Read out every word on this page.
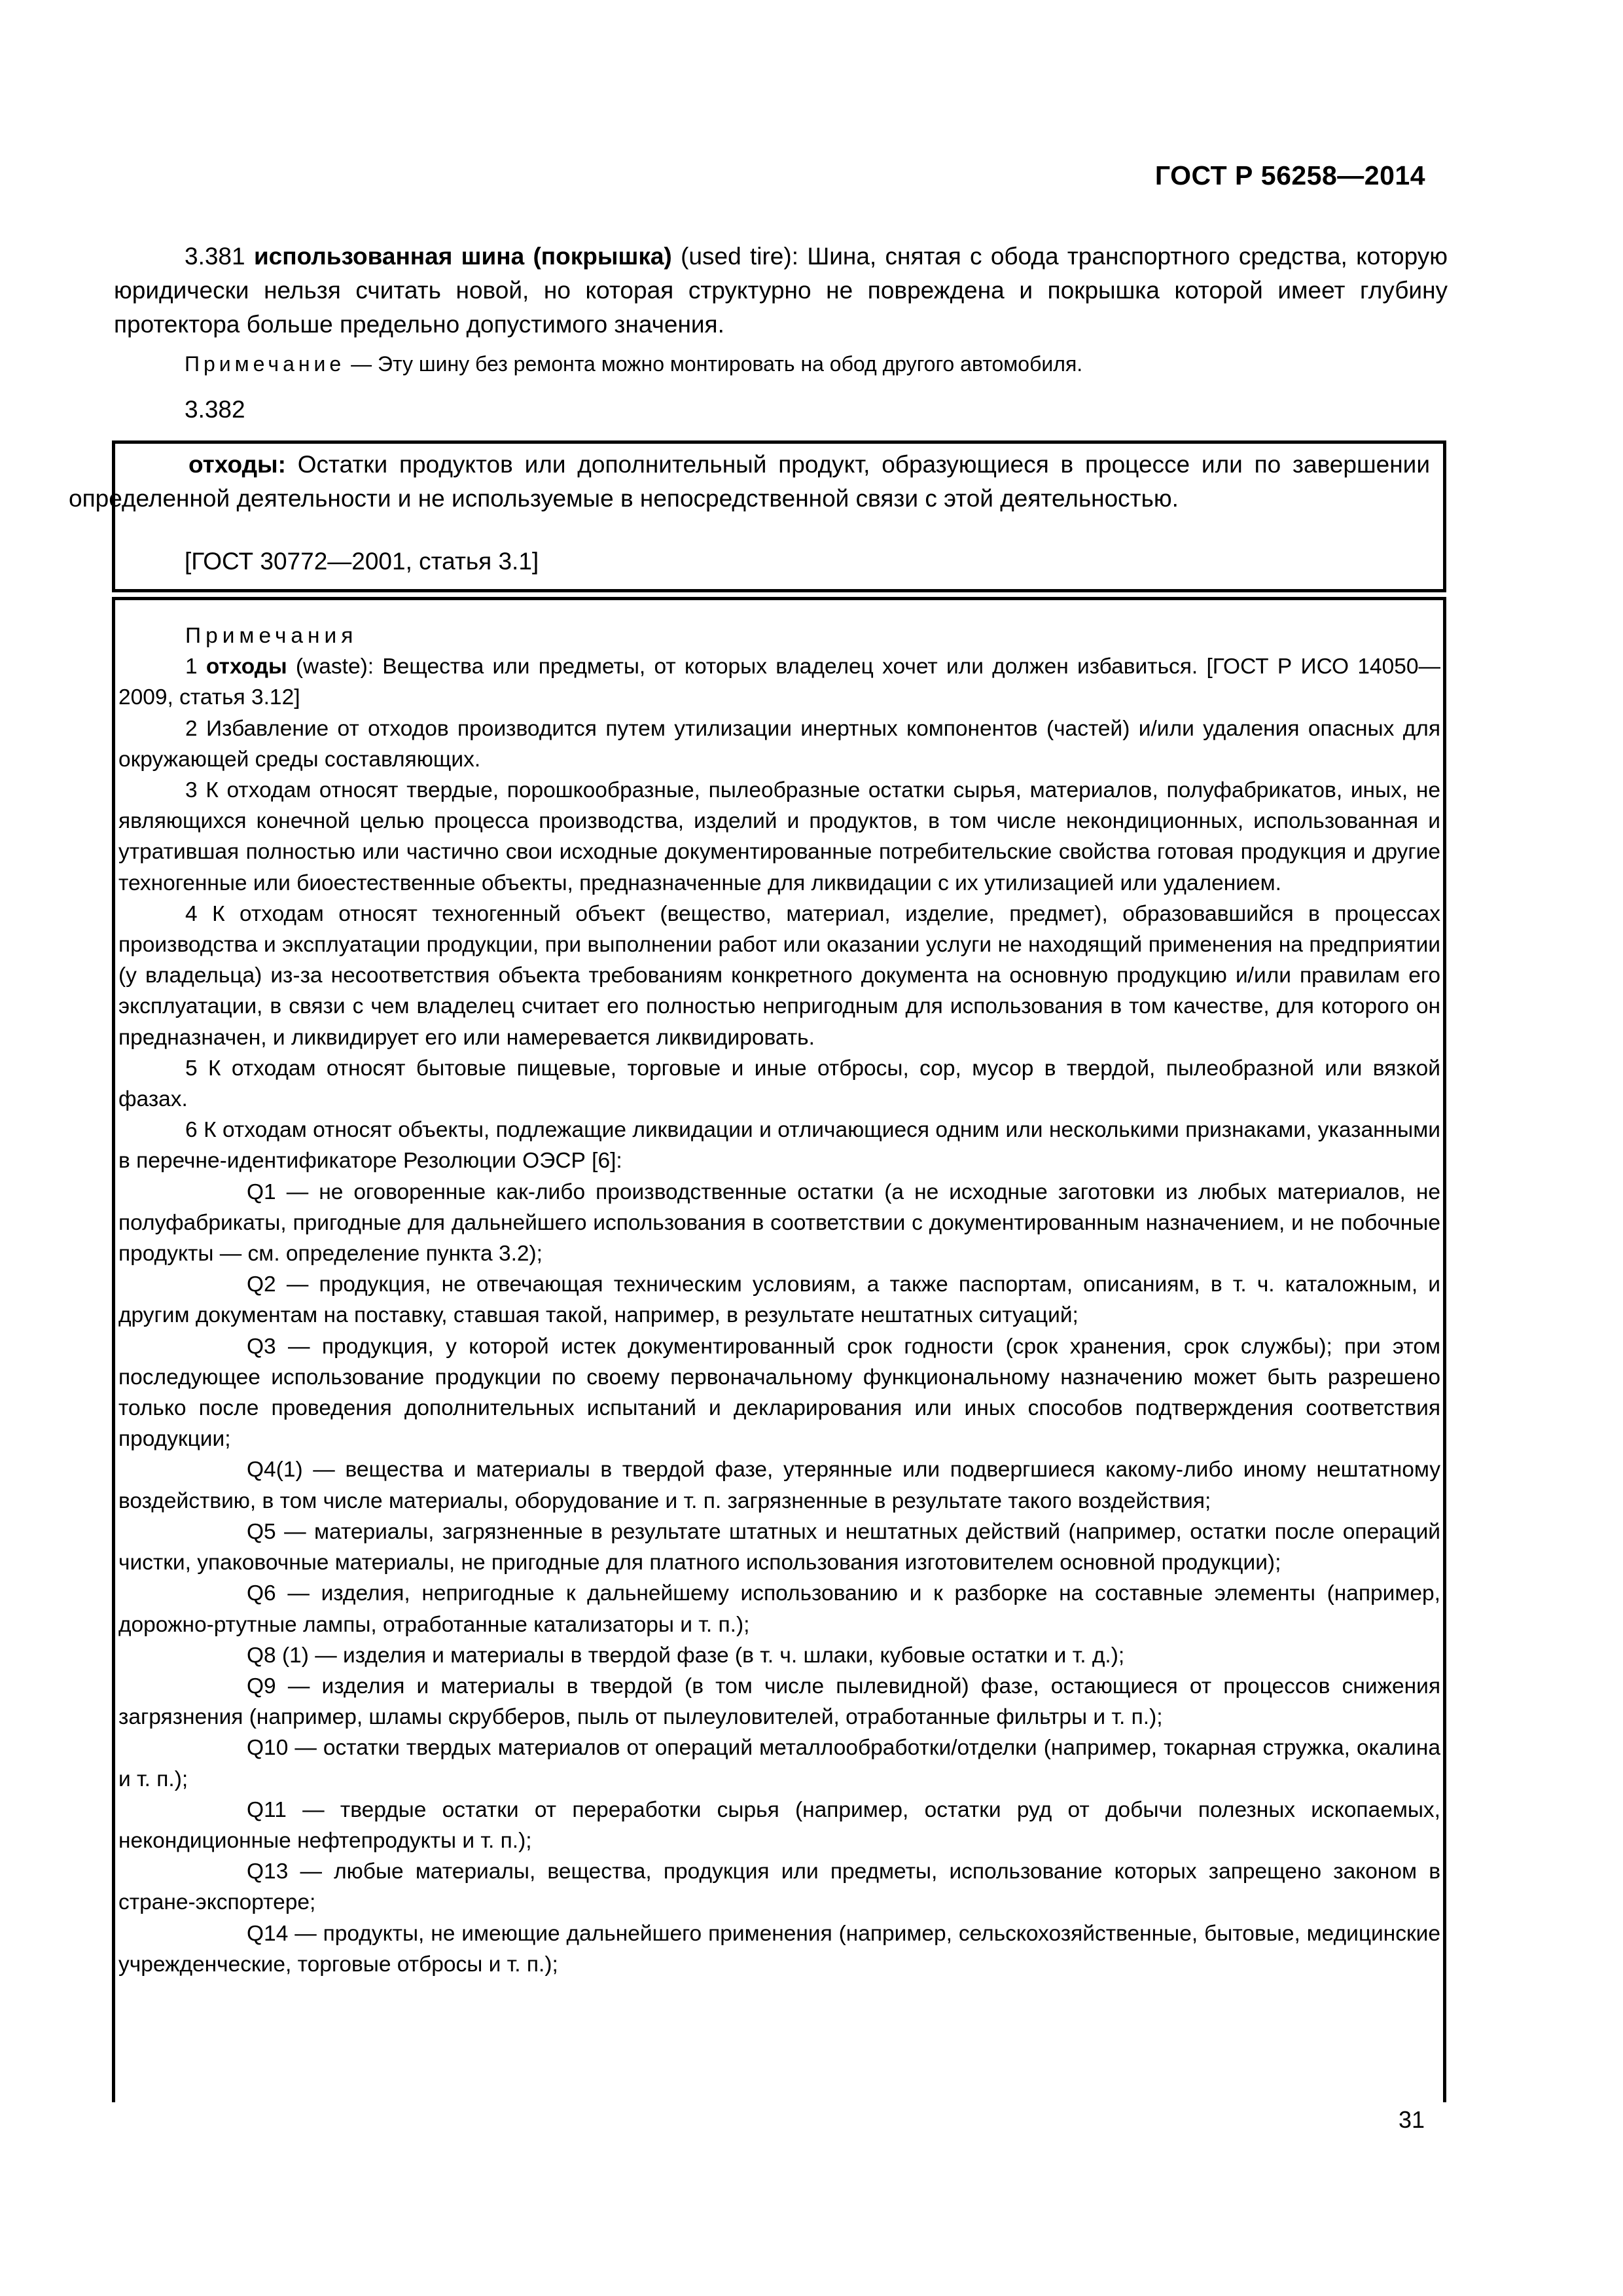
ГОСТ Р 56258—2014
3.381 использованная шина (покрышка) (used tire): Шина, снятая с обода транспортного средства, которую юридически нельзя считать новой, но которая структурно не повреждена и покрышка которой имеет глубину протектора больше предельно допустимого значения.
Примечание — Эту шину без ремонта можно монтировать на обод другого автомобиля.
3.382
отходы: Остатки продуктов или дополнительный продукт, образующиеся в процессе или по завершении определенной деятельности и не используемые в непосредственной связи с этой деятельностью.
[ГОСТ 30772—2001, статья 3.1]

Примечания

1 отходы (waste): Вещества или предметы, от которых владелец хочет или должен избавиться. [ГОСТ Р ИСО 14050—2009, статья 3.12]

2 Избавление от отходов производится путем утилизации инертных компонентов (частей) и/или удаления опасных для окружающей среды составляющих.

3 К отходам относят твердые, порошкообразные, пылеобразные остатки сырья, материалов, полуфабрикатов, иных, не являющихся конечной целью процесса производства, изделий и продуктов, в том числе некондиционных, использованная и утратившая полностью или частично свои исходные документированные потребительские свойства готовая продукция и другие техногенные или биоестественные объекты, предназначенные для ликвидации с их утилизацией или удалением.

4 К отходам относят техногенный объект (вещество, материал, изделие, предмет), образовавшийся в процессах производства и эксплуатации продукции, при выполнении работ или оказании услуги не находящий применения на предприятии (у владельца) из-за несоответствия объекта требованиям конкретного документа на основную продукцию и/или правилам его эксплуатации, в связи с чем владелец считает его полностью непригодным для использования в том качестве, для которого он предназначен, и ликвидирует его или намеревается ликвидировать.

5 К отходам относят бытовые пищевые, торговые и иные отбросы, сор, мусор в твердой, пылеобразной или вязкой фазах.

6 К отходам относят объекты, подлежащие ликвидации и отличающиеся одним или несколькими признаками, указанными в перечне-идентификаторе Резолюции ОЭСР [6]:

Q1 — не оговоренные как-либо производственные остатки (а не исходные заготовки из любых материалов, не полуфабрикаты, пригодные для дальнейшего использования в соответствии с документированным назначением, и не побочные продукты — см. определение пункта 3.2);

Q2 — продукция, не отвечающая техническим условиям, а также паспортам, описаниям, в т. ч. каталожным, и другим документам на поставку, ставшая такой, например, в результате нештатных ситуаций;

Q3 — продукция, у которой истек документированный срок годности (срок хранения, срок службы); при этом последующее использование продукции по своему первоначальному функциональному назначению может быть разрешено только после проведения дополнительных испытаний и декларирования или иных способов подтверждения соответствия продукции;

Q4(1) — вещества и материалы в твердой фазе, утерянные или подвергшиеся какому-либо иному нештатному воздействию, в том числе материалы, оборудование и т. п. загрязненные в результате такого воздействия;

Q5 — материалы, загрязненные в результате штатных и нештатных действий (например, остатки после операций чистки, упаковочные материалы, не пригодные для платного использования изготовителем основной продукции);

Q6 — изделия, непригодные к дальнейшему использованию и к разборке на составные элементы (например, дорожно-ртутные лампы, отработанные катализаторы и т. п.);

Q8 (1) — изделия и материалы в твердой фазе (в т. ч. шлаки, кубовые остатки и т. д.);

Q9 — изделия и материалы в твердой (в том числе пылевидной) фазе, остающиеся от процессов снижения загрязнения (например, шламы скрубберов, пыль от пылеуловителей, отработанные фильтры и т. п.);

Q10 — остатки твердых материалов от операций металлообработки/отделки (например, токарная стружка, окалина и т. п.);

Q11 — твердые остатки от переработки сырья (например, остатки руд от добычи полезных ископаемых, некондиционные нефтепродукты и т. п.);

Q13 — любые материалы, вещества, продукция или предметы, использование которых запрещено законом в стране-экспортере;

Q14 — продукты, не имеющие дальнейшего применения (например, сельскохозяйственные, бытовые, медицинские учрежденческие, торговые отбросы и т. п.);

31
